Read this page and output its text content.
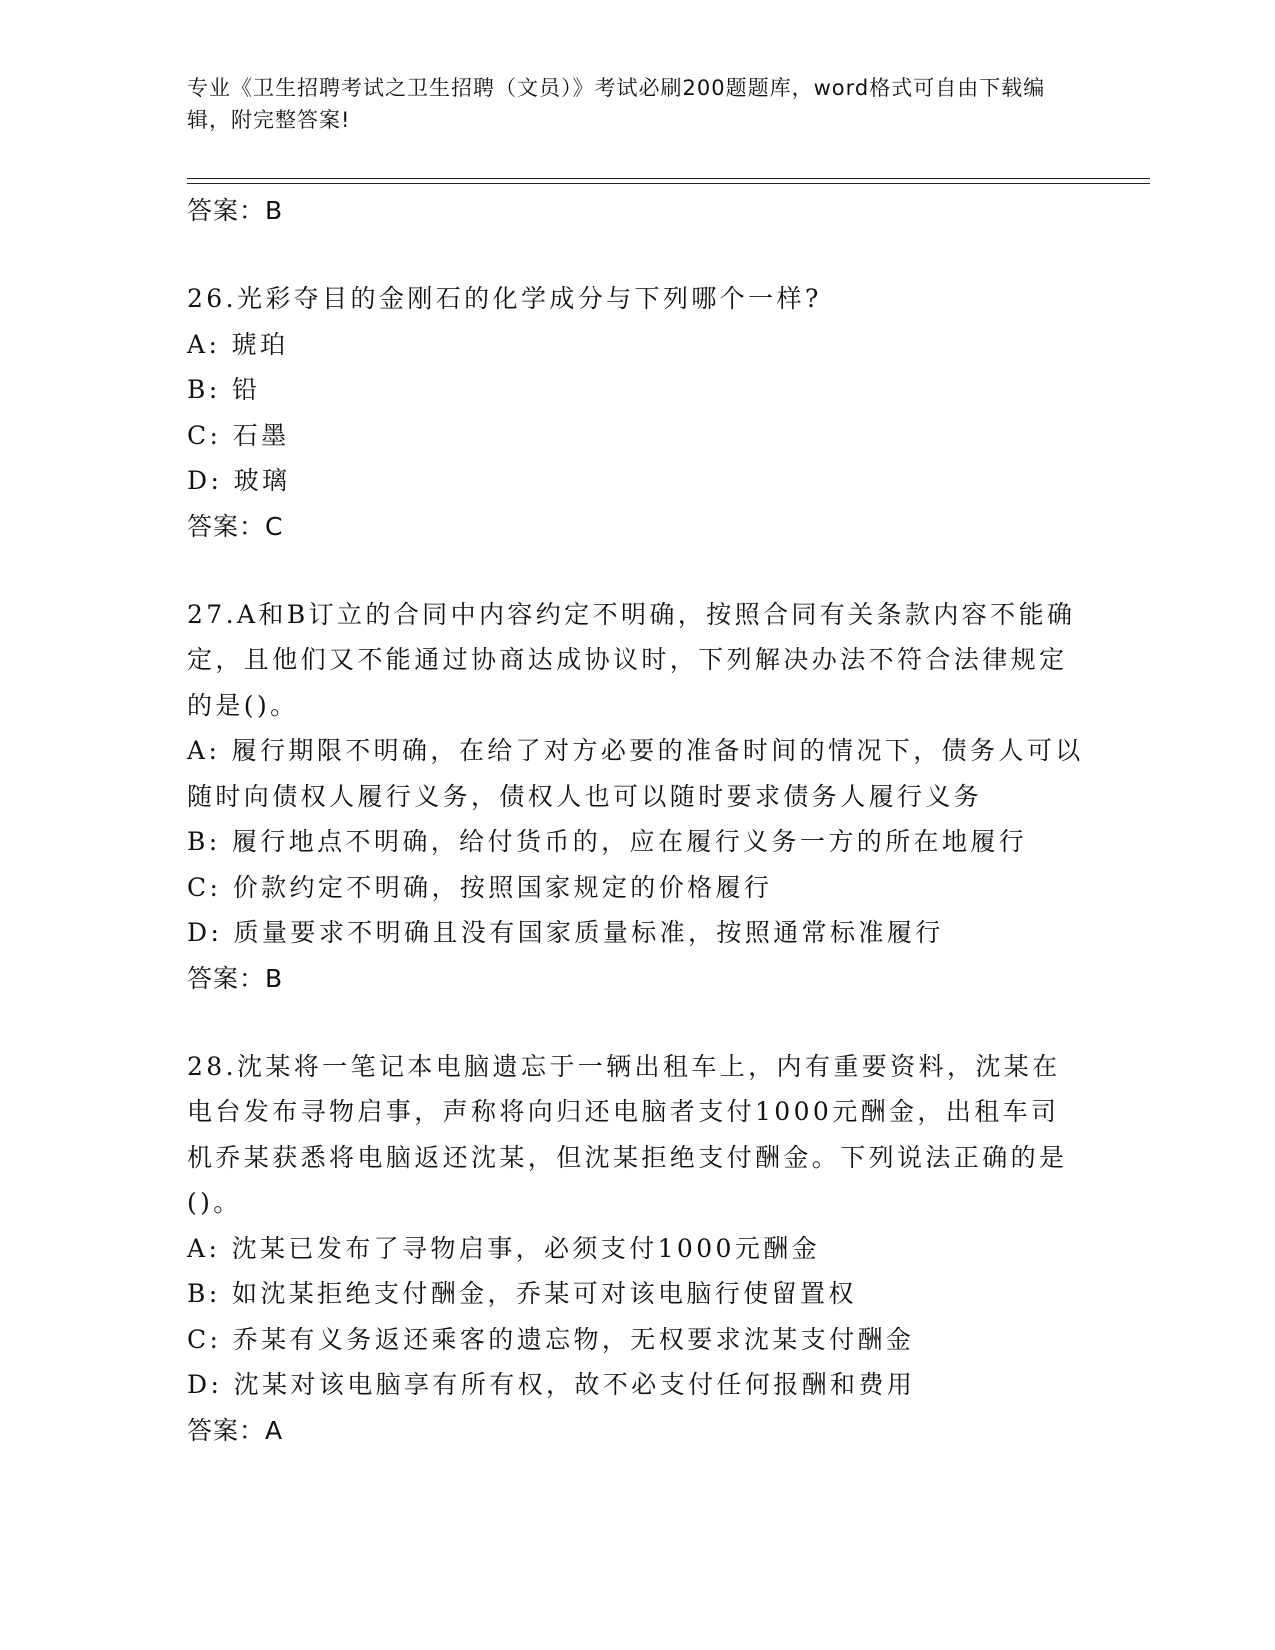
专业《卫生招聘考试之卫生招聘（文员）》考试必刷200题题库，word格式可自由下载编辑，附完整答案!
答案：B

26.光彩夺目的金刚石的化学成分与下列哪个一样?

A: 琥珀

B: 铅

C: 石墨

D: 玻璃

答案：C

27.A和B订立的合同中内容约定不明确，按照合同有关条款内容不能确定，且他们又不能通过协商达成协议时，下列解决办法不符合法律规定的是()。

A: 履行期限不明确，在给了对方必要的准备时间的情况下，债务人可以随时向债权人履行义务，债权人也可以随时要求债务人履行义务

B: 履行地点不明确，给付货币的，应在履行义务一方的所在地履行

C: 价款约定不明确，按照国家规定的价格履行

D: 质量要求不明确且没有国家质量标准，按照通常标准履行

答案：B

28.沈某将一笔记本电脑遗忘于一辆出租车上，内有重要资料，沈某在电台发布寻物启事，声称将向归还电脑者支付1000元酬金，出租车司机乔某获悉将电脑返还沈某，但沈某拒绝支付酬金。下列说法正确的是()。

A: 沈某已发布了寻物启事，必须支付1000元酬金

B: 如沈某拒绝支付酬金，乔某可对该电脑行使留置权

C: 乔某有义务返还乘客的遗忘物，无权要求沈某支付酬金

D: 沈某对该电脑享有所有权，故不必支付任何报酬和费用

答案：A
